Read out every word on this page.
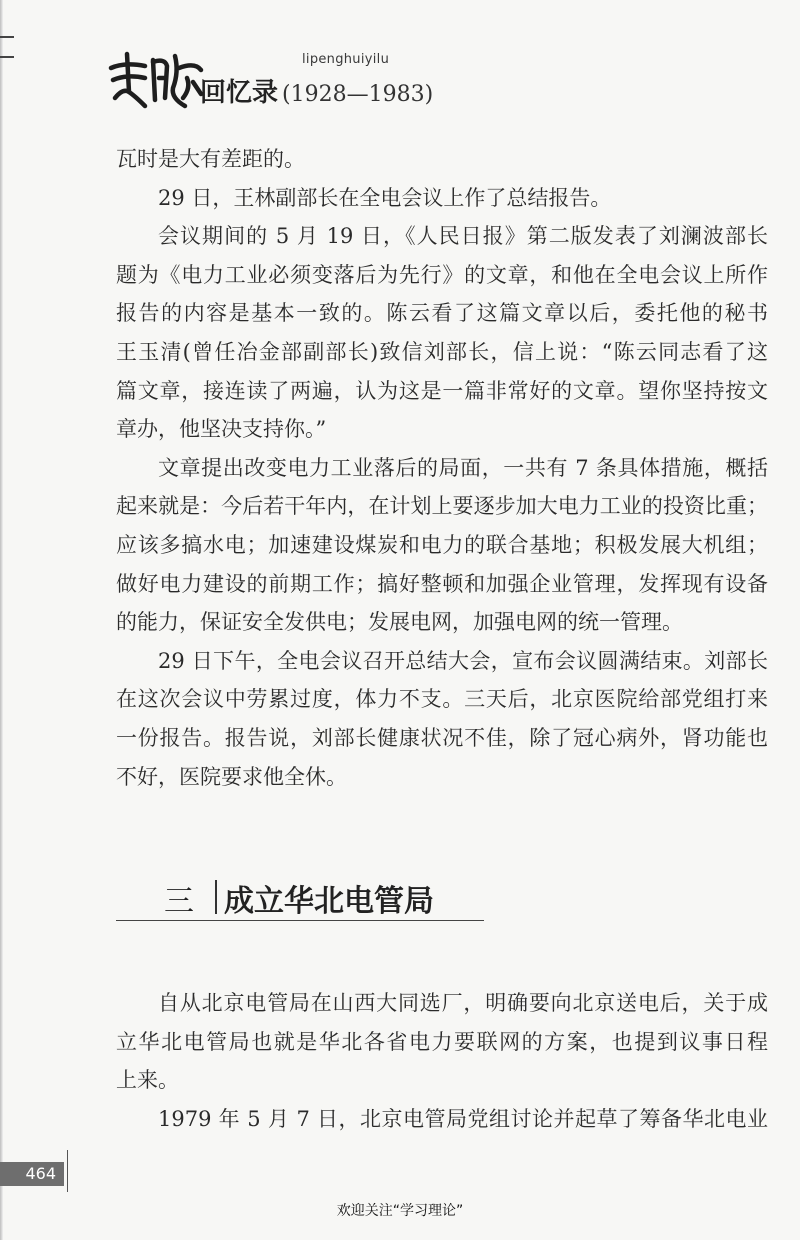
lipenghuiyilu
回忆录 (1928—1983)
瓦时是大有差距的。
29 日，王林副部长在全电会议上作了总结报告。
会议期间的 5 月 19 日，《人民日报》第二版发表了刘澜波部长
题为《电力工业必须变落后为先行》的文章，和他在全电会议上所作
报告的内容是基本一致的。陈云看了这篇文章以后，委托他的秘书
王玉清(曾任冶金部副部长)致信刘部长，信上说：“陈云同志看了这
篇文章，接连读了两遍，认为这是一篇非常好的文章。望你坚持按文
章办，他坚决支持你。”
文章提出改变电力工业落后的局面，一共有 7 条具体措施，概括
起来就是：今后若干年内，在计划上要逐步加大电力工业的投资比重；
应该多搞水电；加速建设煤炭和电力的联合基地；积极发展大机组；
做好电力建设的前期工作；搞好整顿和加强企业管理，发挥现有设备
的能力，保证安全发供电；发展电网，加强电网的统一管理。
29 日下午，全电会议召开总结大会，宣布会议圆满结束。刘部长
在这次会议中劳累过度，体力不支。三天后，北京医院给部党组打来
一份报告。报告说，刘部长健康状况不佳，除了冠心病外，肾功能也
不好，医院要求他全休。
三 成立华北电管局
自从北京电管局在山西大同选厂，明确要向北京送电后，关于成
立华北电管局也就是华北各省电力要联网的方案，也提到议事日程
上来。
1979 年 5 月 7 日，北京电管局党组讨论并起草了筹备华北电业
464
欢迎关注“学习理论”
